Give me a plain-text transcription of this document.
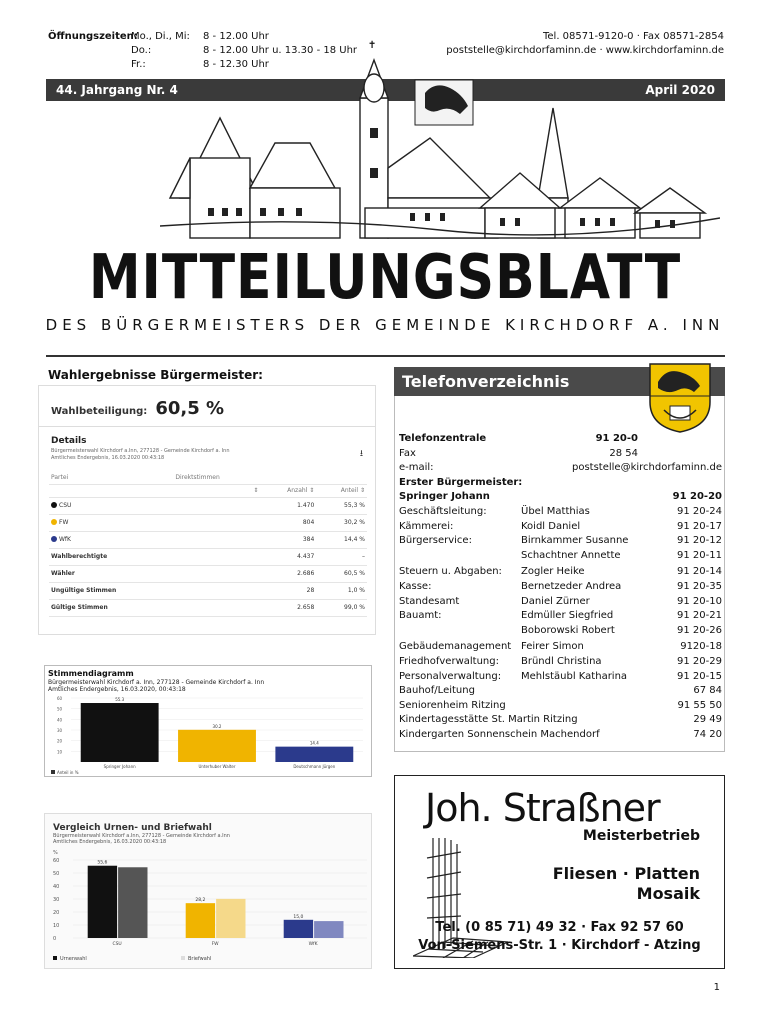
Öffnungszeiten:Mo., Di., Mi: 8 - 12.00 Uhr
Do.:	8 - 12.00 Uhr u. 13.30 - 18 Uhr
Fr.:	8 - 12.30 Uhr
Tel. 08571-9120-0 · Fax 08571-2854
poststelle@kirchdorfaminn.de · www.kirchdorfaminn.de
✝
44. Jahrgang Nr. 4	April 2020
MITTEILUNGSBLATT
DES BÜRGERMEISTERS DER GEMEINDE KIRCHDORF A. INN
Wahlergebnisse Bürgermeister:
Wahlbeteiligung: 60,5 %
Details
Bürgermeisterwahl Kirchdorf a.Inn, 277128 - Gemeinde Kirchdorf a. Inn
Amtliches Endergebnis, 16.03.2020 00:43:18	⭳
Partei	Direktstimmen		
	⇕	Anzahl ⇕	Anteil ⇕
CSU		1.470	55,3 %
FW		804	30,2 %
WfK		384	14,4 %
Wahlberechtigte		4.437	–
Wähler		2.686	60,5 %
Ungültige Stimmen		28	1,0 %
Gültige Stimmen		2.658	99,0 %
Stimmendiagramm
Bürgermeisterwahl Kirchdorf a. Inn, 277128 - Gemeinde Kirchdorf a. Inn
Amtliches Endergebnis, 16.03.2020, 00:43:18
60
50
40
30
20
10
55.3
Springer Johann
30.2
Unterhuber Walter
14.4
Deutschmann Jürgen
Anteil in %
Vergleich Urnen- und Briefwahl
Bürgermeisterwahl Kirchdorf a.Inn, 277128 - Gemeinde Kirchdorf a.Inn
Amtliches Endergebnis, 16.03.2020 00:43:18
%
60
50
40
30
20
10
0
55,6
CSU
28,2
FW
15,0
WfK
Urnenwahl	Briefwahl
Telefonverzeichnis
Telefonzentrale	91 20-0
Fax	28 54
e-mail:	poststelle@kirchdorfaminn.de
Erster Bürgermeister:
Springer Johann	91 20-20
Geschäftsleitung:	Übel Matthias	91 20-24
Kämmerei:	Koidl Daniel	91 20-17
Bürgerservice:	Birnkammer Susanne	91 20-12
Schachtner Annette	91 20-11
Steuern u. Abgaben:	Zogler Heike	91 20-14
Kasse:	Bernetzeder Andrea	91 20-35
Standesamt	Daniel Zürner	91 20-10
Bauamt:	Edmüller Siegfried	91 20-21
Boborowski Robert	91 20-26
Gebäudemanagement Feirer Simon	9120-18
Friedhofverwaltung:	Bründl Christina	91 20-29
Personalverwaltung:	Mehlstäubl Katharina	91 20-15
Bauhof/Leitung	67 84
Seniorenheim Ritzing	91 55 50
Kindertagesstätte St. Martin Ritzing	29 49
Kindergarten Sonnenschein Machendorf	74 20
Joh. Straßner
Meisterbetrieb
Fliesen · Platten
Mosaik
Tel. (0 85 71) 49 32 · Fax 92 57 60
Von-Siemens-Str. 1 · Kirchdorf - Atzing
1
